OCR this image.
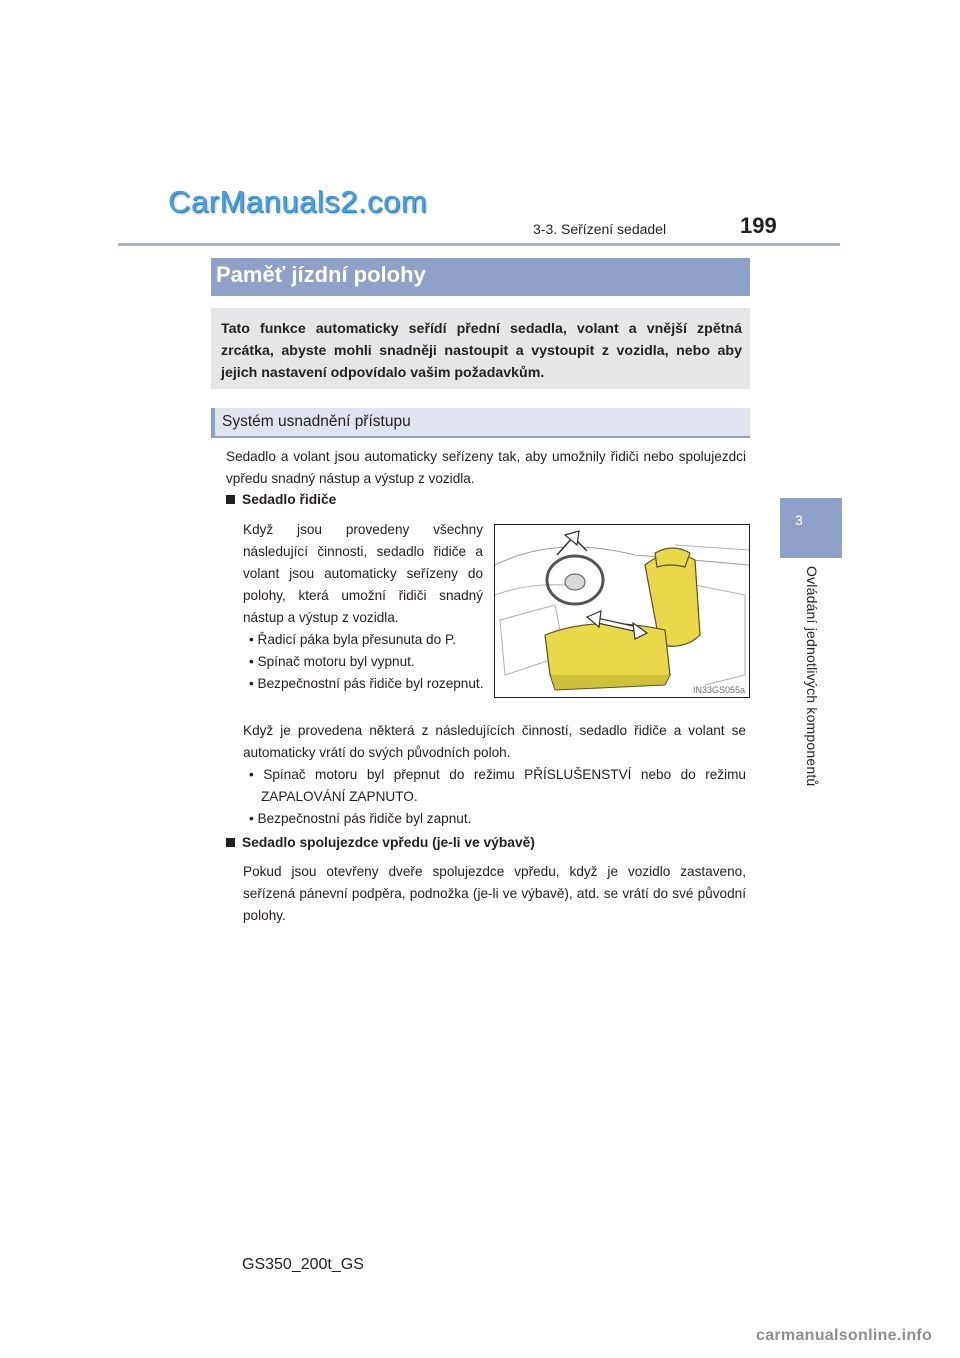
CarManuals2.com
3-3. Seřízení sedadel	199
3
Ovládání jednotlivých komponentů
Paměť jízdní polohy
Tato funkce automaticky seřídí přední sedadla, volant a vnější zpětná zrcátka, abyste mohli snadněji nastoupit a vystoupit z vozidla, nebo aby jejich nastavení odpovídalo vašim požadavkům.
Systém usnadnění přístupu
Sedadlo a volant jsou automaticky seřízeny tak, aby umožnily řidiči nebo spolujezdci vpředu snadný nástup a výstup z vozidla.
Sedadlo řidiče
Když jsou provedeny všechny následující činnosti, sedadlo řidiče a volant jsou automaticky seřízeny do polohy, která umožní řidiči snadný nástup a výstup z vozidla.
• Řadicí páka byla přesunuta do P.
• Spínač motoru byl vypnut.
• Bezpečnostní pás řidiče byl rozepnut.	IN33GS055a
Když je provedena některá z následujících činností, sedadlo řidiče a volant se automaticky vrátí do svých původních poloh.
• Spínač motoru byl přepnut do režimu PŘÍSLUŠENSTVÍ nebo do režimu ZAPALOVÁNÍ ZAPNUTO.
• Bezpečnostní pás řidiče byl zapnut.
Sedadlo spolujezdce vpředu (je-li ve výbavě)
Pokud jsou otevřeny dveře spolujezdce vpředu, když je vozidlo zastaveno, seřízená pánevní podpěra, podnožka (je-li ve výbavě), atd. se vrátí do své původní polohy.
GS350_200t_GS
carmanualsonline.info
